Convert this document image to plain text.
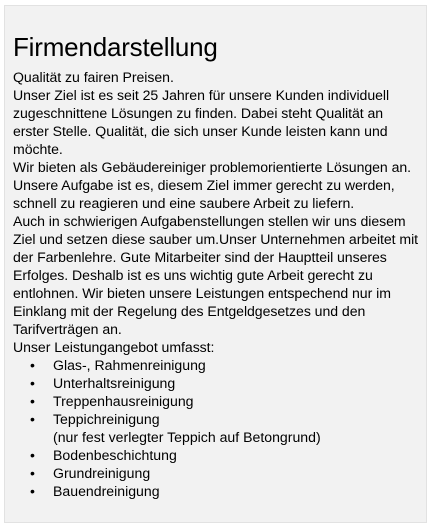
Firmendarstellung

Qualität zu fairen Preisen.

Unser Ziel ist es seit 25 Jahren für unsere Kunden individuell zugeschnittene Lösungen zu finden. Dabei steht Qualität an erster Stelle. Qualität, die sich unser Kunde leisten kann und möchte.

Wir bieten als Gebäudereiniger problemorientierte Lösungen an. Unsere Aufgabe ist es, diesem Ziel immer gerecht zu werden, schnell zu reagieren und eine saubere Arbeit zu liefern.

Auch in schwierigen Aufgabenstellungen stellen wir uns diesem Ziel und setzen diese sauber um.Unser Unternehmen arbeitet mit der Farbenlehre. Gute Mitarbeiter sind der Hauptteil unseres Erfolges. Deshalb ist es uns wichtig gute Arbeit gerecht zu entlohnen. Wir bieten unsere Leistungen entspechend nur im Einklang mit der Regelung des Entgeldgesetzes und den Tarifverträgen an.

Unser Leistungangebot umfasst:

• Glas-, Rahmenreinigung
• Unterhaltsreinigung
• Treppenhausreinigung
• Teppichreinigung
(nur fest verlegter Teppich auf Betongrund)
• Bodenbeschichtung
• Grundreinigung
• Bauendreinigung
